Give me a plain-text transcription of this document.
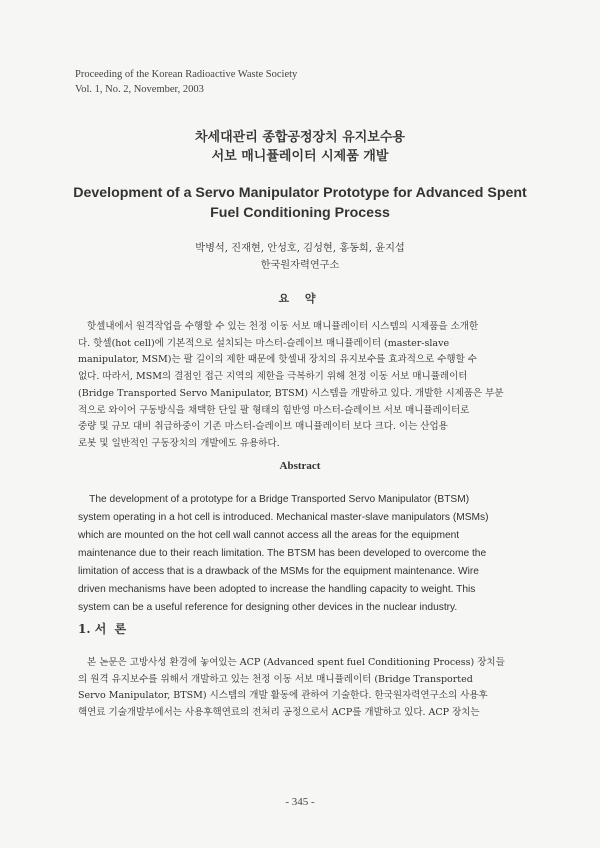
Proceeding of the Korean Radioactive Waste Society
Vol. 1, No. 2, November, 2003
차세대관리 종합공정장치 유지보수용
서보 매니퓰레이터 시제품 개발
Development of a Servo Manipulator Prototype for Advanced Spent Fuel Conditioning Process
박병석, 진재현, 안성호, 김성현, 홍동희, 윤지섭
한국원자력연구소
요 약
핫셀내에서 원격작업을 수행할 수 있는 천정 이동 서보 매니퓰레이터 시스템의 시제품을 소개한
다. 핫셀(hot cell)에 기본적으로 설치되는 마스터-슬레이브 매니퓰레이터 (master-slave
manipulator, MSM)는 팔 길이의 제한 때문에 핫셀내 장치의 유지보수를 효과적으로 수행할 수
없다. 따라서, MSM의 결점인 접근 지역의 제한을 극복하기 위해 천정 이동 서보 매니퓰레이터
(Bridge Transported Servo Manipulator, BTSM) 시스템을 개발하고 있다. 개발한 시제품은 부분
적으로 와이어 구동방식을 채택한 단일 팔 형태의 힘반영 마스터-슬레이브 서보 매니퓰레이터로
중량 및 규모 대비 취급하중이 기존 마스터-슬레이브 매니퓰레이터 보다 크다. 이는 산업용
로봇 및 일반적인 구동장치의 개발에도 유용하다.
Abstract
The development of a prototype for a Bridge Transported Servo Manipulator (BTSM)
system operating in a hot cell is introduced. Mechanical master-slave manipulators (MSMs)
which are mounted on the hot cell wall cannot access all the areas for the equipment
maintenance due to their reach limitation. The BTSM has been developed to overcome the
limitation of access that is a drawback of the MSMs for the equipment maintenance. Wire
driven mechanisms have been adopted to increase the handling capacity to weight. This
system can be a useful reference for designing other devices in the nuclear industry.
1. 서  론
본 논문은 고방사성 환경에 놓여있는 ACP (Advanced spent fuel Conditioning Process) 장치들
의 원격 유지보수를 위해서 개발하고 있는 천정 이동 서보 매니퓰레이터 (Bridge Transported
Servo Manipulator, BTSM) 시스템의 개발 활동에 관하여 기술한다. 한국원자력연구소의 사용후
핵연료 기술개발부에서는 사용후핵연료의 전처리 공정으로서 ACP를 개발하고 있다. ACP 장치는
- 345 -
